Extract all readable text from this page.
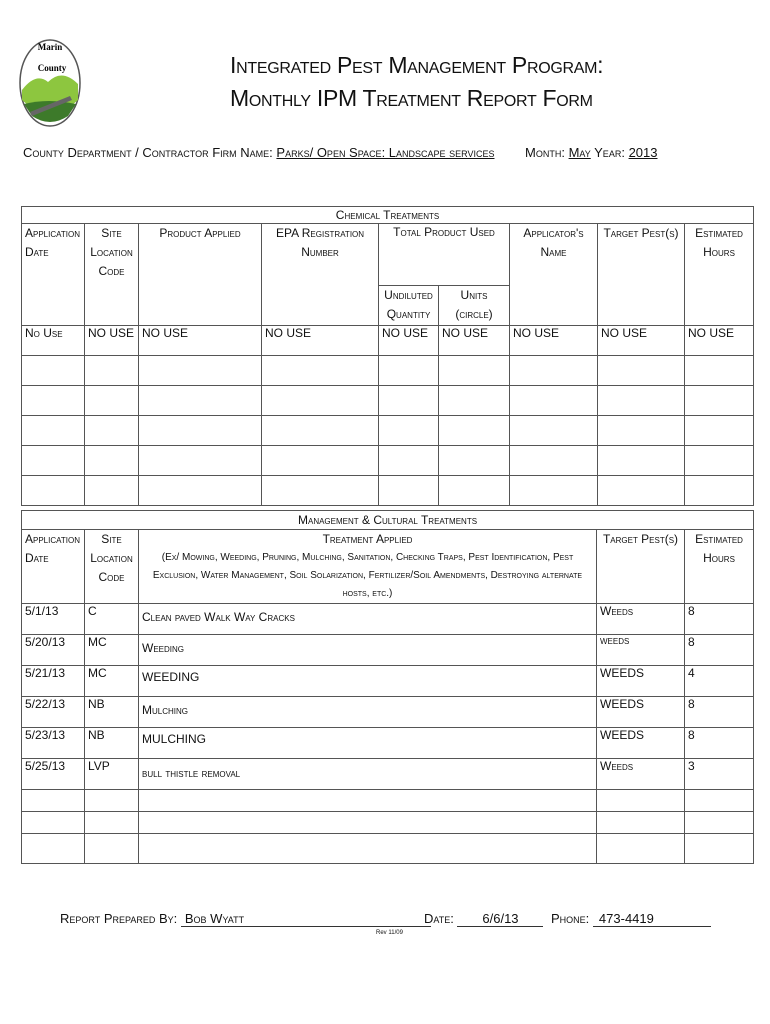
Marin
County	Integrated Pest Management Program:
Monthly IPM Treatment Report Form
County Department / Contractor Firm Name: Parks/ Open Space: Landscape services Month: May Year: 2013
Chemical Treatments								
Application Date	Site Location Code	Product Applied	EPA Registration Number	Total Product Used		Applicator's Name	Target Pest(s)	Estimated Hours
				Undiluted Quantity	Units (circle)			
No Use	NO USE	NO USE	NO USE	NO USE	NO USE	NO USE	NO USE	NO USE

Management & Cultural Treatments				
Application Date	Site Location Code	Treatment Applied
(Ex/ Mowing, Weeding, Pruning, Mulching, Sanitation, Checking Traps, Pest Identification, Pest Exclusion, Water Management, Soil Solarization, Fertilizer/Soil Amendments, Destroying alternate hosts, etc.)	Target Pest(s)	Estimated Hours
5/1/13	C	Clean paved Walk Way Cracks	Weeds	8
5/20/13	MC	Weeding	weeds	8
5/21/13	MC	WEEDING	WEEDS	4
5/22/13	NB	Mulching	WEEDS	8
5/23/13	NB	MULCHING	WEEDS	8
5/25/13	LVP	bull thistle removal	Weeds	3

Report Prepared By: Bob Wyatt	Date: 6/6/13	Phone: 473-4419
Rev 11/09
